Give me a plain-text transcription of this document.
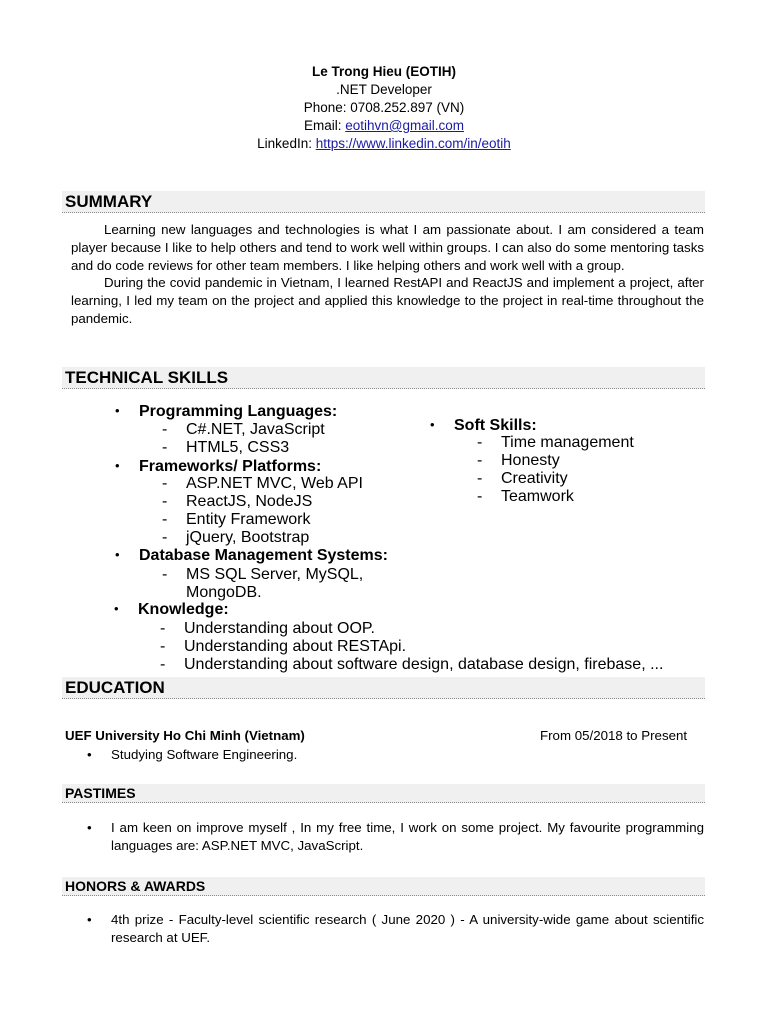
Le Trong Hieu (EOTIH)
.NET Developer
Phone: 0708.252.897 (VN)
Email: eotihvn@gmail.com
LinkedIn: https://www.linkedin.com/in/eotih
SUMMARY

Learning new languages and technologies is what I am passionate about. I am considered a team player because I like to help others and tend to work well within groups. I can also do some mentoring tasks and do code reviews for other team members. I like helping others and work well with a group.

During the covid pandemic in Vietnam, I learned RestAPI and ReactJS and implement a project, after learning, I led my team on the project and applied this knowledge to the project in real-time throughout the pandemic.

TECHNICAL SKILLS
• Programming Languages:
- C#.NET, JavaScript
- HTML5, CSS3
• Frameworks/ Platforms:
- ASP.NET MVC, Web API
- ReactJS, NodeJS
- Entity Framework
- jQuery, Bootstrap
• Database Management Systems:
- MS SQL Server, MySQL,
MongoDB.
• Knowledge:
- Understanding about OOP.
- Understanding about RESTApi.
- Understanding about software design, database design, firebase, ...
• Soft Skills:
- Time management
- Honesty
- Creativity
- Teamwork
EDUCATION
UEF University Ho Chi Minh (Vietnam)	From 05/2018 to Present
• Studying Software Engineering.
PASTIMES
• I am keen on improve myself , In my free time, I work on some project. My favourite programming languages are: ASP.NET MVC, JavaScript.
HONORS & AWARDS
• 4th prize - Faculty-level scientific research ( June 2020 ) - A university-wide game about scientific research at UEF.
